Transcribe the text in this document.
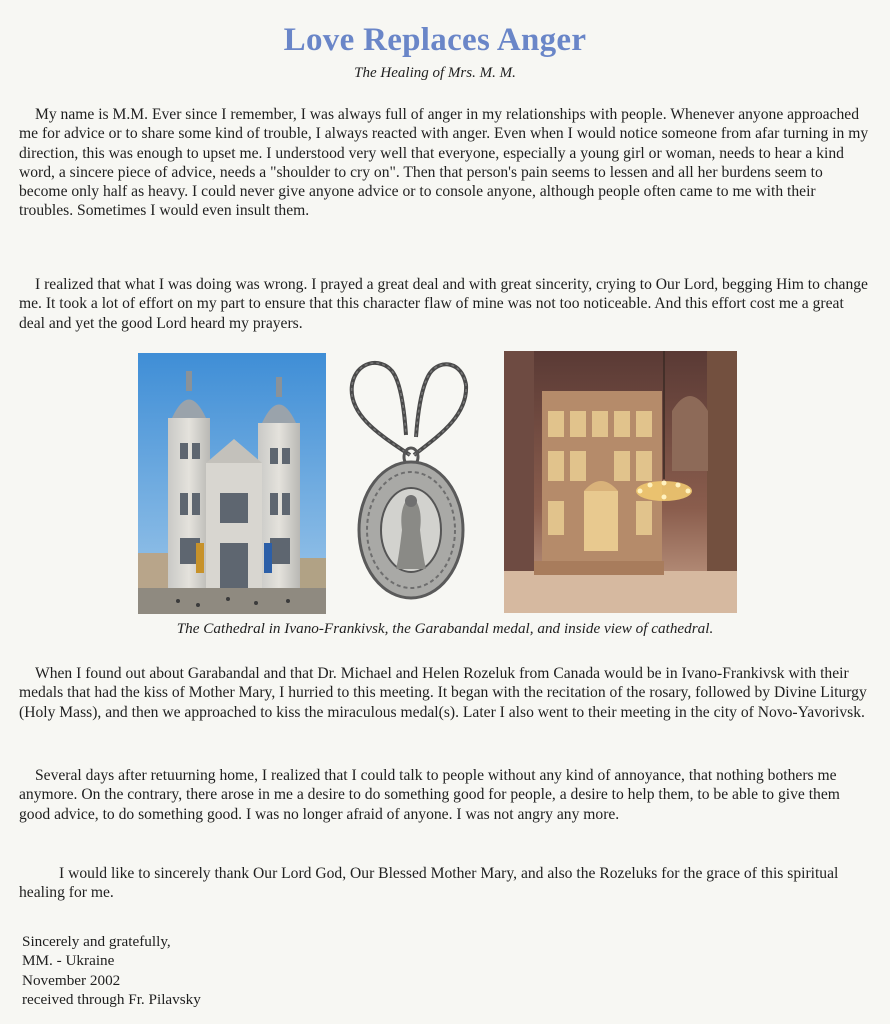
Love Replaces Anger
The Healing of Mrs. M. M.

My name is M.M. Ever since I remember, I was always full of anger in my relationships with people. Whenever anyone approached me for advice or to share some kind of trouble, I always reacted with anger. Even when I would notice someone from afar turning in my direction, this was enough to upset me. I understood very well that everyone, especially a young girl or woman, needs to hear a kind word, a sincere piece of advice, needs a "shoulder to cry on". Then that person's pain seems to lessen and all her burdens seem to become only half as heavy. I could never give anyone advice or to console anyone, although people often came to me with their troubles. Sometimes I would even insult them.

I realized that what I was doing was wrong. I prayed a great deal and with great sincerity, crying to Our Lord, begging Him to change me. It took a lot of effort on my part to ensure that this character flaw of mine was not too noticeable. And this effort cost me a great deal and yet the good Lord heard my prayers.

The Cathedral in Ivano-Frankivsk, the Garabandal medal, and inside view of cathedral.

When I found out about Garabandal and that Dr. Michael and Helen Rozeluk from Canada would be in Ivano-Frankivsk with their medals that had the kiss of Mother Mary, I hurried to this meeting. It began with the recitation of the rosary, followed by Divine Liturgy (Holy Mass), and then we approached to kiss the miraculous medal(s). Later I also went to their meeting in the city of Novo-Yavorivsk.

Several days after retuurning home, I realized that I could talk to people without any kind of annoyance, that nothing bothers me anymore. On the contrary, there arose in me a desire to do something good for people, a desire to help them, to be able to give them good advice, to do something good. I was no longer afraid of anyone. I was not angry any more.

I would like to sincerely thank Our Lord God, Our Blessed Mother Mary, and also the Rozeluks for the grace of this spiritual healing for me.

Sincerely and gratefully,
MM. - Ukraine
November 2002
received through Fr. Pilavsky
